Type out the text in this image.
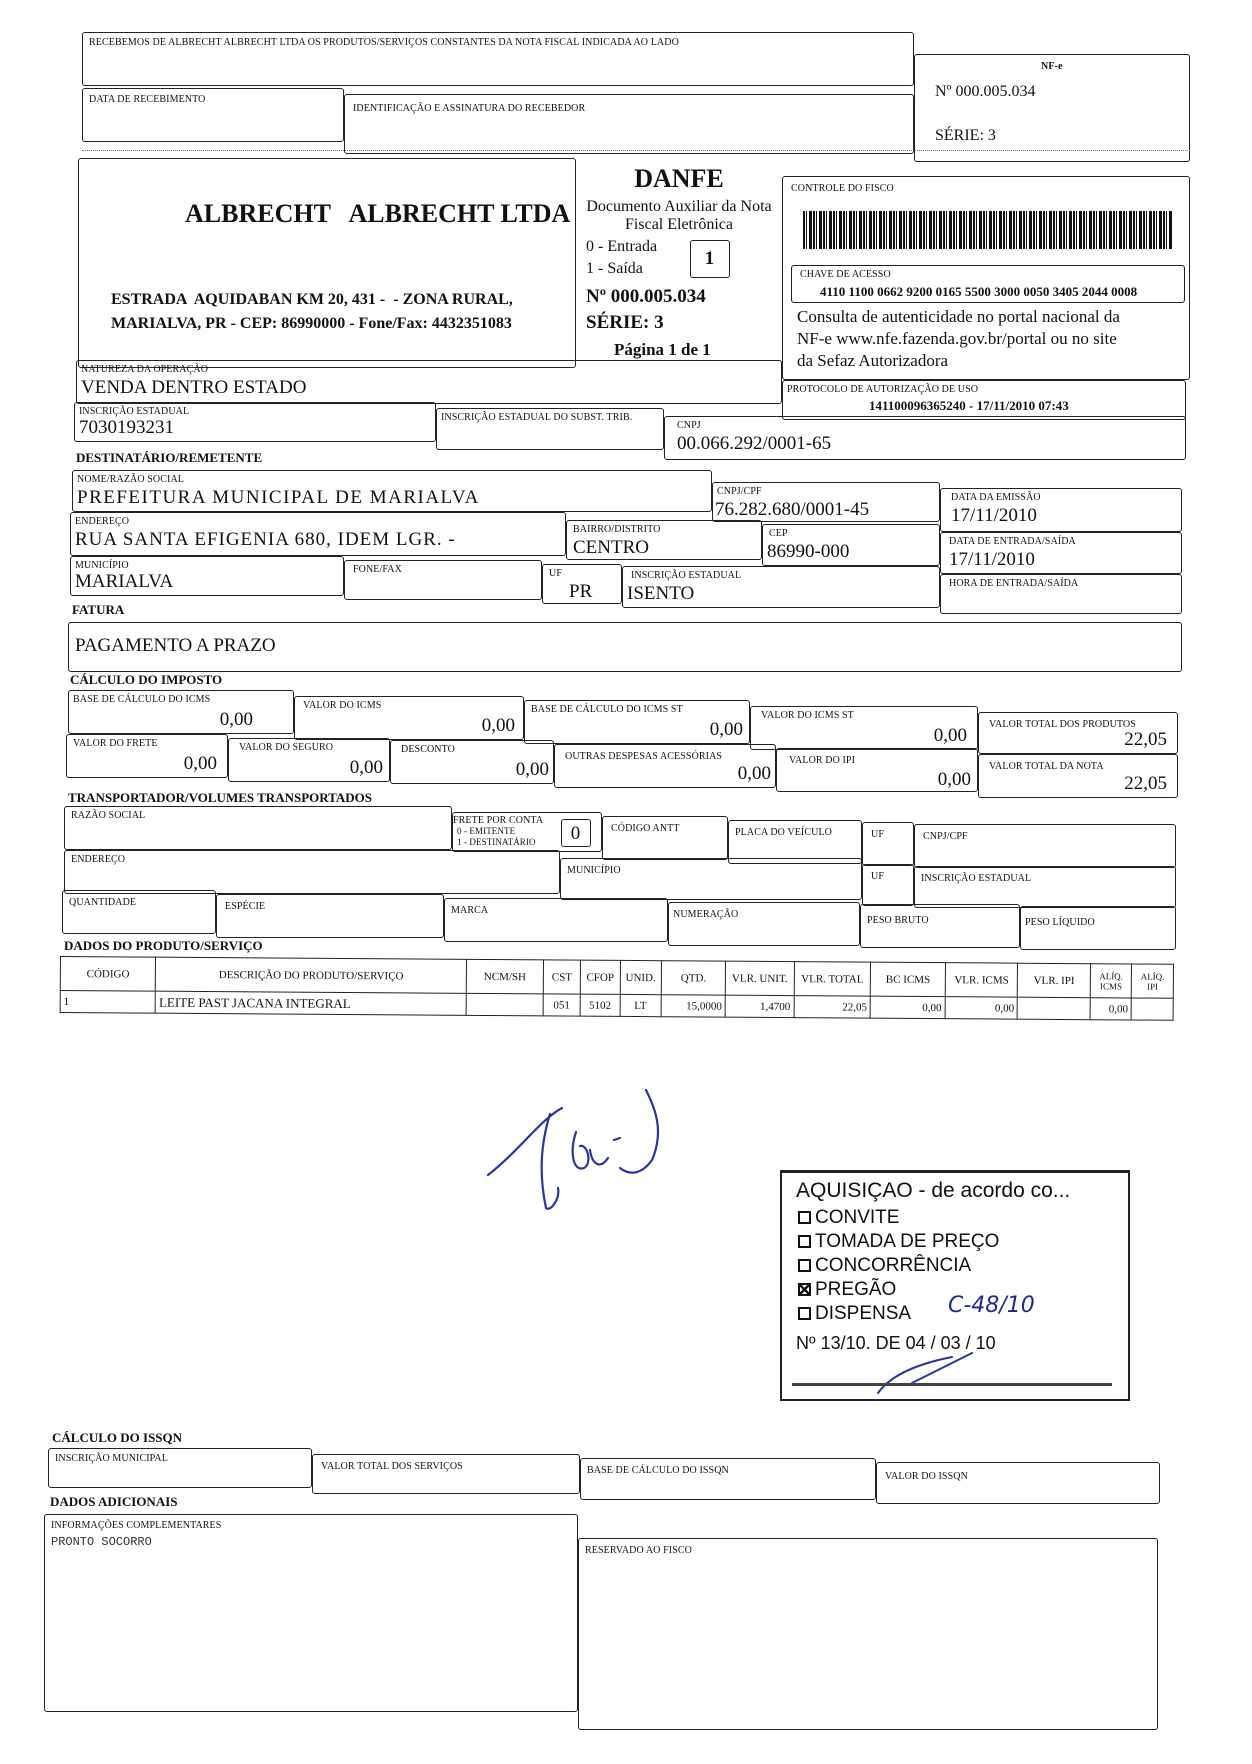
RECEBEMOS DE ALBRECHT ALBRECHT LTDA OS PRODUTOS/SERVIÇOS CONSTANTES DA NOTA FISCAL INDICADA AO LADO
DATA DE RECEBIMENTO
IDENTIFICAÇÃO E ASSINATURA DO RECEBEDOR
NF-e
Nº 000.005.034
SÉRIE: 3
ALBRECHT   ALBRECHT LTDA
ESTRADA  AQUIDABAN KM 20, 431 -  - ZONA RURAL,
MARIALVA, PR - CEP: 86990000 - Fone/Fax: 4432351083
DANFE
Documento Auxiliar da Nota
Fiscal Eletrônica
0 - Entrada
1 - Saída	1
Nº 000.005.034
SÉRIE: 3
Página 1 de 1
CONTROLE DO FISCO
CHAVE DE ACESSO
4110 1100 0662 9200 0165 5500 3000 0050 3405 2044 0008
Consulta de autenticidade no portal nacional da
NF-e www.nfe.fazenda.gov.br/portal ou no site
da Sefaz Autorizadora
NATUREZA DA OPERAÇÃO
VENDA DENTRO ESTADO	PROTOCOLO DE AUTORIZAÇÃO DE USO
141100096365240 - 17/11/2010 07:43
INSCRIÇÃO ESTADUAL
7030193231	INSCRIÇÃO ESTADUAL DO SUBST. TRIB.
CNPJ
00.066.292/0001-65
DESTINATÁRIO/REMETENTE
NOME/RAZÃO SOCIAL
PREFEITURA MUNICIPAL DE MARIALVA	CNPJ/CPF
76.282.680/0001-45
DATA DA EMISSÃO
17/11/2010
ENDEREÇO
RUA SANTA EFIGENIA 680, IDEM LGR. -	BAIRRO/DISTRITO
CENTRO
CEP
86990-000	DATA DE ENTRADA/SAÍDA
17/11/2010
MUNICÍPIO
MARIALVA
FONE/FAX	UF
PR
INSCRIÇÃO ESTADUAL
ISENTO	HORA DE ENTRADA/SAÍDA
FATURA
PAGAMENTO A PRAZO
CÁLCULO DO IMPOSTO
BASE DE CÁLCULO DO ICMS
0,00
VALOR DO ICMS
0,00
BASE DE CÁLCULO DO ICMS ST
0,00
VALOR DO ICMS ST
0,00
VALOR TOTAL DOS PRODUTOS
22,05
VALOR DO FRETE
0,00
VALOR DO SEGURO
0,00
DESCONTO
0,00
OUTRAS DESPESAS ACESSÓRIAS
0,00
VALOR DO IPI
0,00
VALOR TOTAL DA NOTA
22,05
TRANSPORTADOR/VOLUMES TRANSPORTADOS
RAZÃO SOCIAL	FRETE POR CONTA
0 - EMITENTE
1 - DESTINATÁRIO	0	CÓDIGO ANTT	PLACA DO VEÍCULO	UF	CNPJ/CPF
ENDEREÇO
MUNICÍPIO
UF	INSCRIÇÃO ESTADUAL
QUANTIDADE	ESPÉCIE	MARCA	NUMERAÇÃO
PESO BRUTO	PESO LÍQUIDO
DADOS DO PRODUTO/SERVIÇO
CÓDIGO	DESCRIÇÃO DO PRODUTO/SERVIÇO	NCM/SH	CST	CFOP	UNID.	QTD.	VLR. UNIT.	VLR. TOTAL	BC ICMS	VLR. ICMS	VLR. IPI	ALÍQ. ICMS	ALÍQ. IPI
1	LEITE PAST JACANA INTEGRAL		051	5102	LT	15,0000	1,4700	22,05	0,00	0,00		0,00	
AQUISIÇAO - de acordo co...
CONVITE
TOMADA DE PREÇO
CONCORRÊNCIA
PREGÃO
DISPENSA C-48/10
Nº 13/10. DE 04 / 03 / 10
CÁLCULO DO ISSQN
INSCRIÇÃO MUNICIPAL
VALOR TOTAL DOS SERVIÇOS	BASE DE CÁLCULO DO ISSQN
VALOR DO ISSQN
DADOS ADICIONAIS
INFORMAÇÕES COMPLEMENTARES
PRONTO SOCORRO
RESERVADO AO FISCO
